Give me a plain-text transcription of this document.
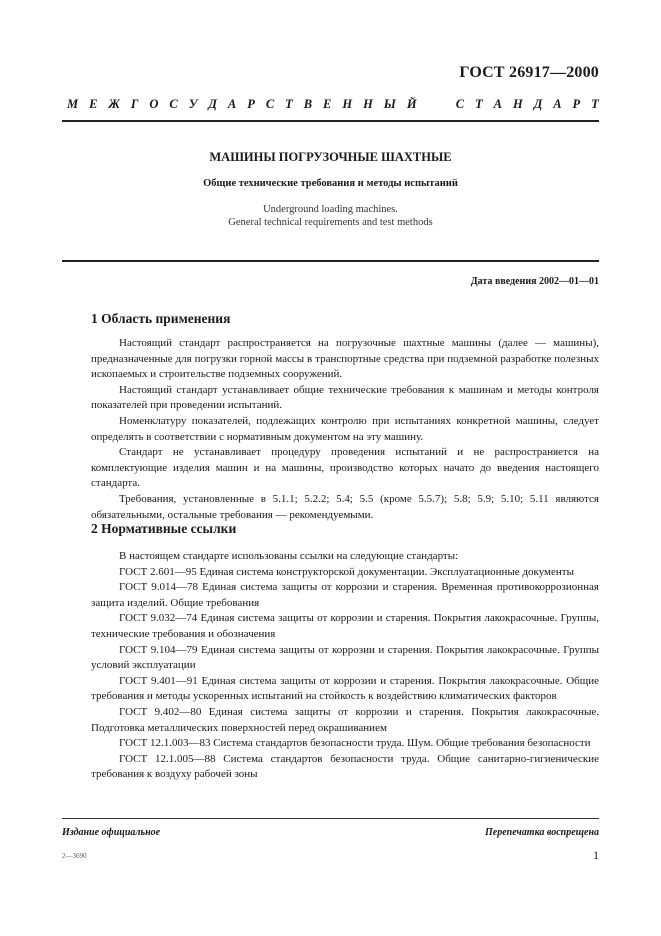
ГОСТ 26917—2000
М Е Ж Г О С У Д А Р С Т В Е Н Н Ы Й

	С Т А Н Д А Р Т
МАШИНЫ ПОГРУЗОЧНЫЕ ШАХТНЫЕ
Общие технические требования и методы испытаний
Underground loading machines.
General technical requirements and test methods
Дата введения 2002—01—01
1 Область применения

Настоящий стандарт распространяется на погрузочные шахтные машины (далее — машины), предназначенные для погрузки горной массы в транспортные средства при подземной разработке полезных ископаемых и строительстве подземных сооружений.

Настоящий стандарт устанавливает общие технические требования к машинам и методы контроля показателей при проведении испытаний.

Номенклатуру показателей, подлежащих контролю при испытаниях конкретной машины, следует определять в соответствии с нормативным документом на эту машину.

Стандарт не устанавливает процедуру проведения испытаний и не распространяется на комплектующие изделия машин и на машины, производство которых начато до введения настоящего стандарта.

Требования, установленные в 5.1.1; 5.2.2; 5.4; 5.5 (кроме 5.5.7); 5.8; 5.9; 5.10; 5.11 являются обязательными, остальные требования — рекомендуемыми.

2 Нормативные ссылки

В настоящем стандарте использованы ссылки на следующие стандарты:

ГОСТ 2.601—95 Единая система конструкторской документации. Эксплуатационные документы

ГОСТ 9.014—78 Единая система защиты от коррозии и старения. Временная противокоррозионная защита изделий. Общие требования

ГОСТ 9.032—74 Единая система защиты от коррозии и старения. Покрытия лакокрасочные. Группы, технические требования и обозначения

ГОСТ 9.104—79 Единая система защиты от коррозии и старения. Покрытия лакокрасочные. Группы условий эксплуатации

ГОСТ 9.401—91 Единая система защиты от коррозии и старения. Покрытия лакокрасочные. Общие требования и методы ускоренных испытаний на стойкость к воздействию климатических факторов

ГОСТ 9.402—80 Единая система защиты от коррозии и старения. Покрытия лакокрасочные. Подготовка металлических поверхностей перед окрашиванием

ГОСТ 12.1.003—83 Система стандартов безопасности труда. Шум. Общие требования безопасности

ГОСТ 12.1.005—88 Система стандартов безопасности труда. Общие санитарно-гигиенические требования к воздуху рабочей зоны

Издание официальное	Перепечатка воспрещена
1
2—3690
